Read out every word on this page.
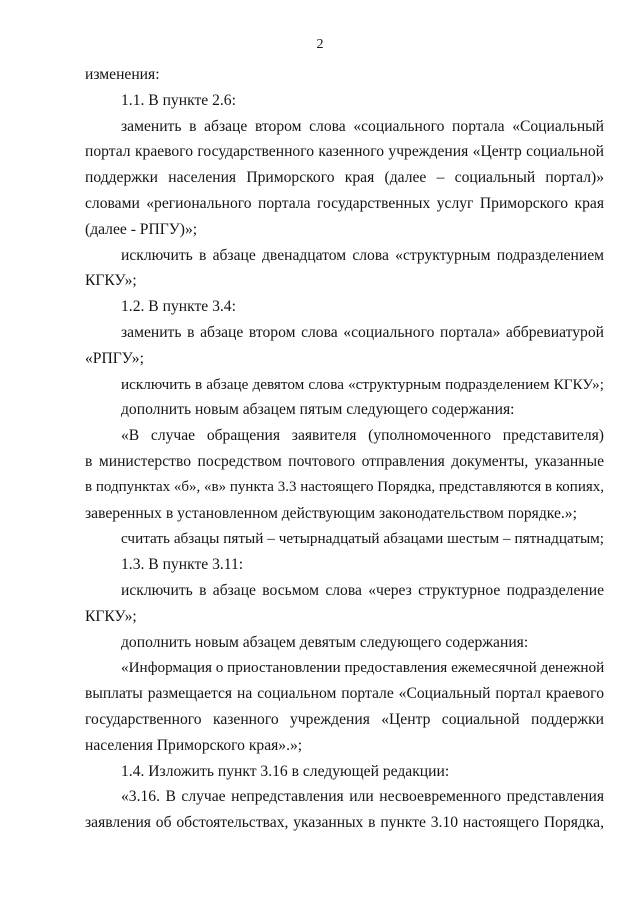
2
изменения:
1.1. В пункте 2.6:
заменить в абзаце втором слова «социального портала «Социальный
портал краевого государственного казенного учреждения «Центр социальной
поддержки населения Приморского края (далее – социальный портал)»
словами «регионального портала государственных услуг Приморского края
(далее - РПГУ)»;
исключить в абзаце двенадцатом слова «структурным подразделением
КГКУ»;
1.2. В пункте 3.4:
заменить в абзаце втором слова «социального портала» аббревиатурой
«РПГУ»;
исключить в абзаце девятом слова «структурным подразделением КГКУ»;
дополнить новым абзацем пятым следующего содержания:
«В случае обращения заявителя (уполномоченного представителя)
в министерство посредством почтового отправления документы, указанные
в подпунктах «б», «в» пункта 3.3 настоящего Порядка, представляются в копиях,
заверенных в установленном действующим законодательством порядке.»;
считать абзацы пятый – четырнадцатый абзацами шестым – пятнадцатым;
1.3. В пункте 3.11:
исключить в абзаце восьмом слова «через структурное подразделение
КГКУ»;
дополнить новым абзацем девятым следующего содержания:
«Информация о приостановлении предоставления ежемесячной денежной
выплаты размещается на социальном портале «Социальный портал краевого
государственного казенного учреждения «Центр социальной поддержки
населения Приморского края».»;
1.4. Изложить пункт 3.16 в следующей редакции:
«3.16. В случае непредставления или несвоевременного представления
заявления об обстоятельствах, указанных в пункте 3.10 настоящего Порядка,
